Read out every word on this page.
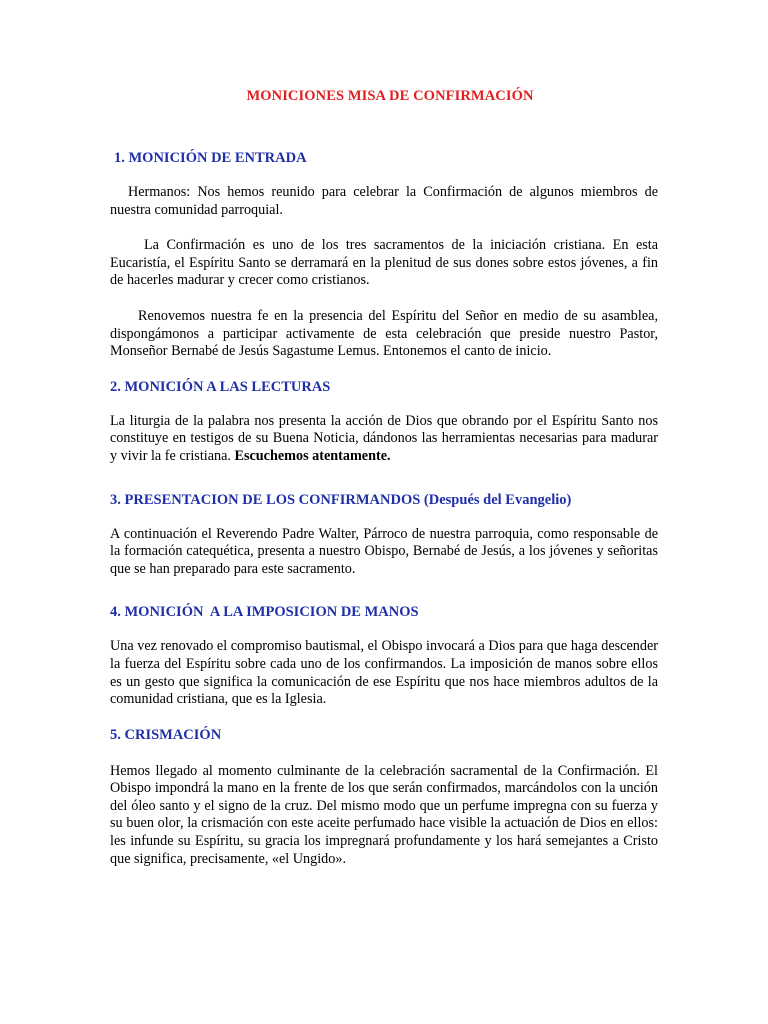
MONICIONES MISA DE CONFIRMACIÓN
1. MONICIÓN DE ENTRADA

Hermanos: Nos hemos reunido para celebrar la Confirmación de algunos miembros de nuestra comunidad parroquial.

La Confirmación es uno de los tres sacramentos de la iniciación cristiana. En esta Eucaristía, el Espíritu Santo se derramará en la plenitud de sus dones sobre estos jóvenes, a fin de hacerles madurar y crecer como cristianos.

Renovemos nuestra fe en la presencia del Espíritu del Señor en medio de su asamblea, dispongámonos a participar activamente de esta celebración que preside nuestro Pastor, Monseñor Bernabé de Jesús Sagastume Lemus. Entonemos el canto de inicio.

2. MONICIÓN A LAS LECTURAS

La liturgia de la palabra nos presenta la acción de Dios que obrando por el Espíritu Santo nos constituye en testigos de su Buena Noticia, dándonos las herramientas necesarias para madurar y vivir la fe cristiana. Escuchemos atentamente.

3. PRESENTACION DE LOS CONFIRMANDOS (Después del Evangelio)

A continuación el Reverendo Padre Walter, Párroco de nuestra parroquia, como responsable de la formación catequética, presenta a nuestro Obispo, Bernabé de Jesús, a los jóvenes y señoritas que se han preparado para este sacramento.

4. MONICIÓN  A LA IMPOSICION DE MANOS

Una vez renovado el compromiso bautismal, el Obispo invocará a Dios para que haga descender la fuerza del Espíritu sobre cada uno de los confirmandos. La imposición de manos sobre ellos es un gesto que significa la comunicación de ese Espíritu que nos hace miembros adultos de la comunidad cristiana, que es la Iglesia.

5. CRISMACIÓN

Hemos llegado al momento culminante de la celebración sacramental de la Confirmación. El Obispo impondrá la mano en la frente de los que serán confirmados, marcándolos con la unción del óleo santo y el signo de la cruz. Del mismo modo que un perfume impregna con su fuerza y su buen olor, la crismación con este aceite perfumado hace visible la actuación de Dios en ellos: les infunde su Espíritu, su gracia los impregnará profundamente y los hará semejantes a Cristo que significa, precisamente, «el Ungido».
